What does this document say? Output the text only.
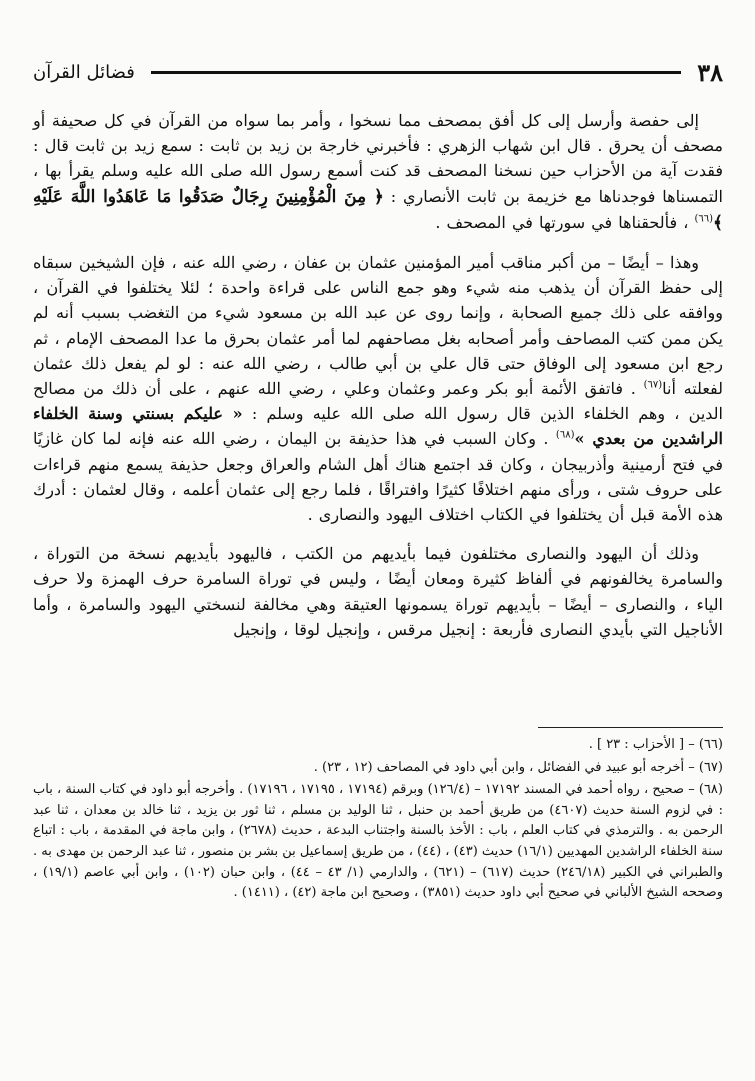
٣٨
فضائل القرآن

إلى حفصة وأرسل إلى كل أفق بمصحف مما نسخوا ، وأمر بما سواه من القرآن في كل صحيفة أو مصحف أن يحرق . قال ابن شهاب الزهري : فأخبرني خارجة بن زيد بن ثابت : سمع زيد بن ثابت قال : فقدت آية من الأحزاب حين نسخنا المصحف قد كنت أسمع رسول الله صلى الله عليه وسلم يقرأ بها ، التمسناها فوجدناها مع خزيمة بن ثابت الأنصاري : ﴿ مِنَ الْمُؤْمِنِينَ رِجَالٌ صَدَقُوا مَا عَاهَدُوا اللَّهَ عَلَيْهِ ﴾$^{(٦٦)}$ ، فألحقناها في سورتها في المصحف .

وهذا – أيضًا – من أكبر مناقب أمير المؤمنين عثمان بن عفان ، رضي الله عنه ، فإن الشيخين سبقاه إلى حفظ القرآن أن يذهب منه شيء وهو جمع الناس على قراءة واحدة ؛ لئلا يختلفوا في القرآن ، ووافقه على ذلك جميع الصحابة ، وإنما روى عن عبد الله بن مسعود شيء من التغضب بسبب أنه لم يكن ممن كتب المصاحف وأمر أصحابه بغل مصاحفهم لما أمر عثمان بحرق ما عدا المصحف الإمام ، ثم رجع ابن مسعود إلى الوفاق حتى قال علي بن أبي طالب ، رضي الله عنه : لو لم يفعل ذلك عثمان لفعلته أنا$^{(٦٧)}$ . فاتفق الأئمة أبو بكر وعمر وعثمان وعلي ، رضي الله عنهم ، على أن ذلك من مصالح الدين ، وهم الخلفاء الذين قال رسول الله صلى الله عليه وسلم : « عليكم بسنتي وسنة الخلفاء الراشدين من بعدي »$^{(٦٨)}$ . وكان السبب في هذا حذيفة بن اليمان ، رضي الله عنه فإنه لما كان غازيًا في فتح أرمينية وأذربيجان ، وكان قد اجتمع هناك أهل الشام والعراق وجعل حذيفة يسمع منهم قراءات على حروف شتى ، ورأى منهم اختلافًا كثيرًا وافتراقًا ، فلما رجع إلى عثمان أعلمه ، وقال لعثمان : أدرك هذه الأمة قبل أن يختلفوا في الكتاب اختلاف اليهود والنصارى .

وذلك أن اليهود والنصارى مختلفون فيما بأيديهم من الكتب ، فاليهود بأيديهم نسخة من التوراة ، والسامرة يخالفونهم في ألفاظ كثيرة ومعان أيضًا ، وليس في توراة السامرة حرف الهمزة ولا حرف الياء ، والنصارى – أيضًا – بأيديهم توراة يسمونها العتيقة وهي مخالفة لنسختي اليهود والسامرة ، وأما الأناجيل التي بأيدي النصارى فأربعة : إنجيل مرقس ، وإنجيل لوقا ، وإنجيل

(٦٦) – [ الأحزاب : ٢٣ ] .

(٦٧) – أخرجه أبو عبيد في الفضائل ، وابن أبي داود في المصاحف (١٢ ، ٢٣) .

(٦٨) – صحيح ، رواه أحمد في المسند ١٧١٩٢ – (١٢٦/٤) وبرقم (١٧١٩٤ ، ١٧١٩٥ ، ١٧١٩٦) . وأخرجه أبو داود في كتاب السنة ، باب : في لزوم السنة حديث (٤٦٠٧) من طريق أحمد بن حنبل ، ثنا الوليد بن مسلم ، ثنا ثور بن يزيد ، ثنا خالد بن معدان ، ثنا عبد الرحمن به . والترمذي في كتاب العلم ، باب : الأخذ بالسنة واجتناب البدعة ، حديث (٢٦٧٨) ، وابن ماجة في المقدمة ، باب : اتباع سنة الخلفاء الراشدين المهديين (١٦/١) حديث (٤٣) ، (٤٤) ، من طريق إسماعيل بن بشر بن منصور ، ثنا عبد الرحمن بن مهدى به . والطبراني في الكبير (٢٤٦/١٨) حديث (٦١٧) – (٦٢١) ، والدارمي (١/ ٤٣ – ٤٤) ، وابن حبان (١٠٢) ، وابن أبي عاصم (١٩/١) ، وصححه الشيخ الألباني في صحيح أبي داود حديث (٣٨٥١) ، وصحيح ابن ماجة (٤٢) ، (١٤١١) .
